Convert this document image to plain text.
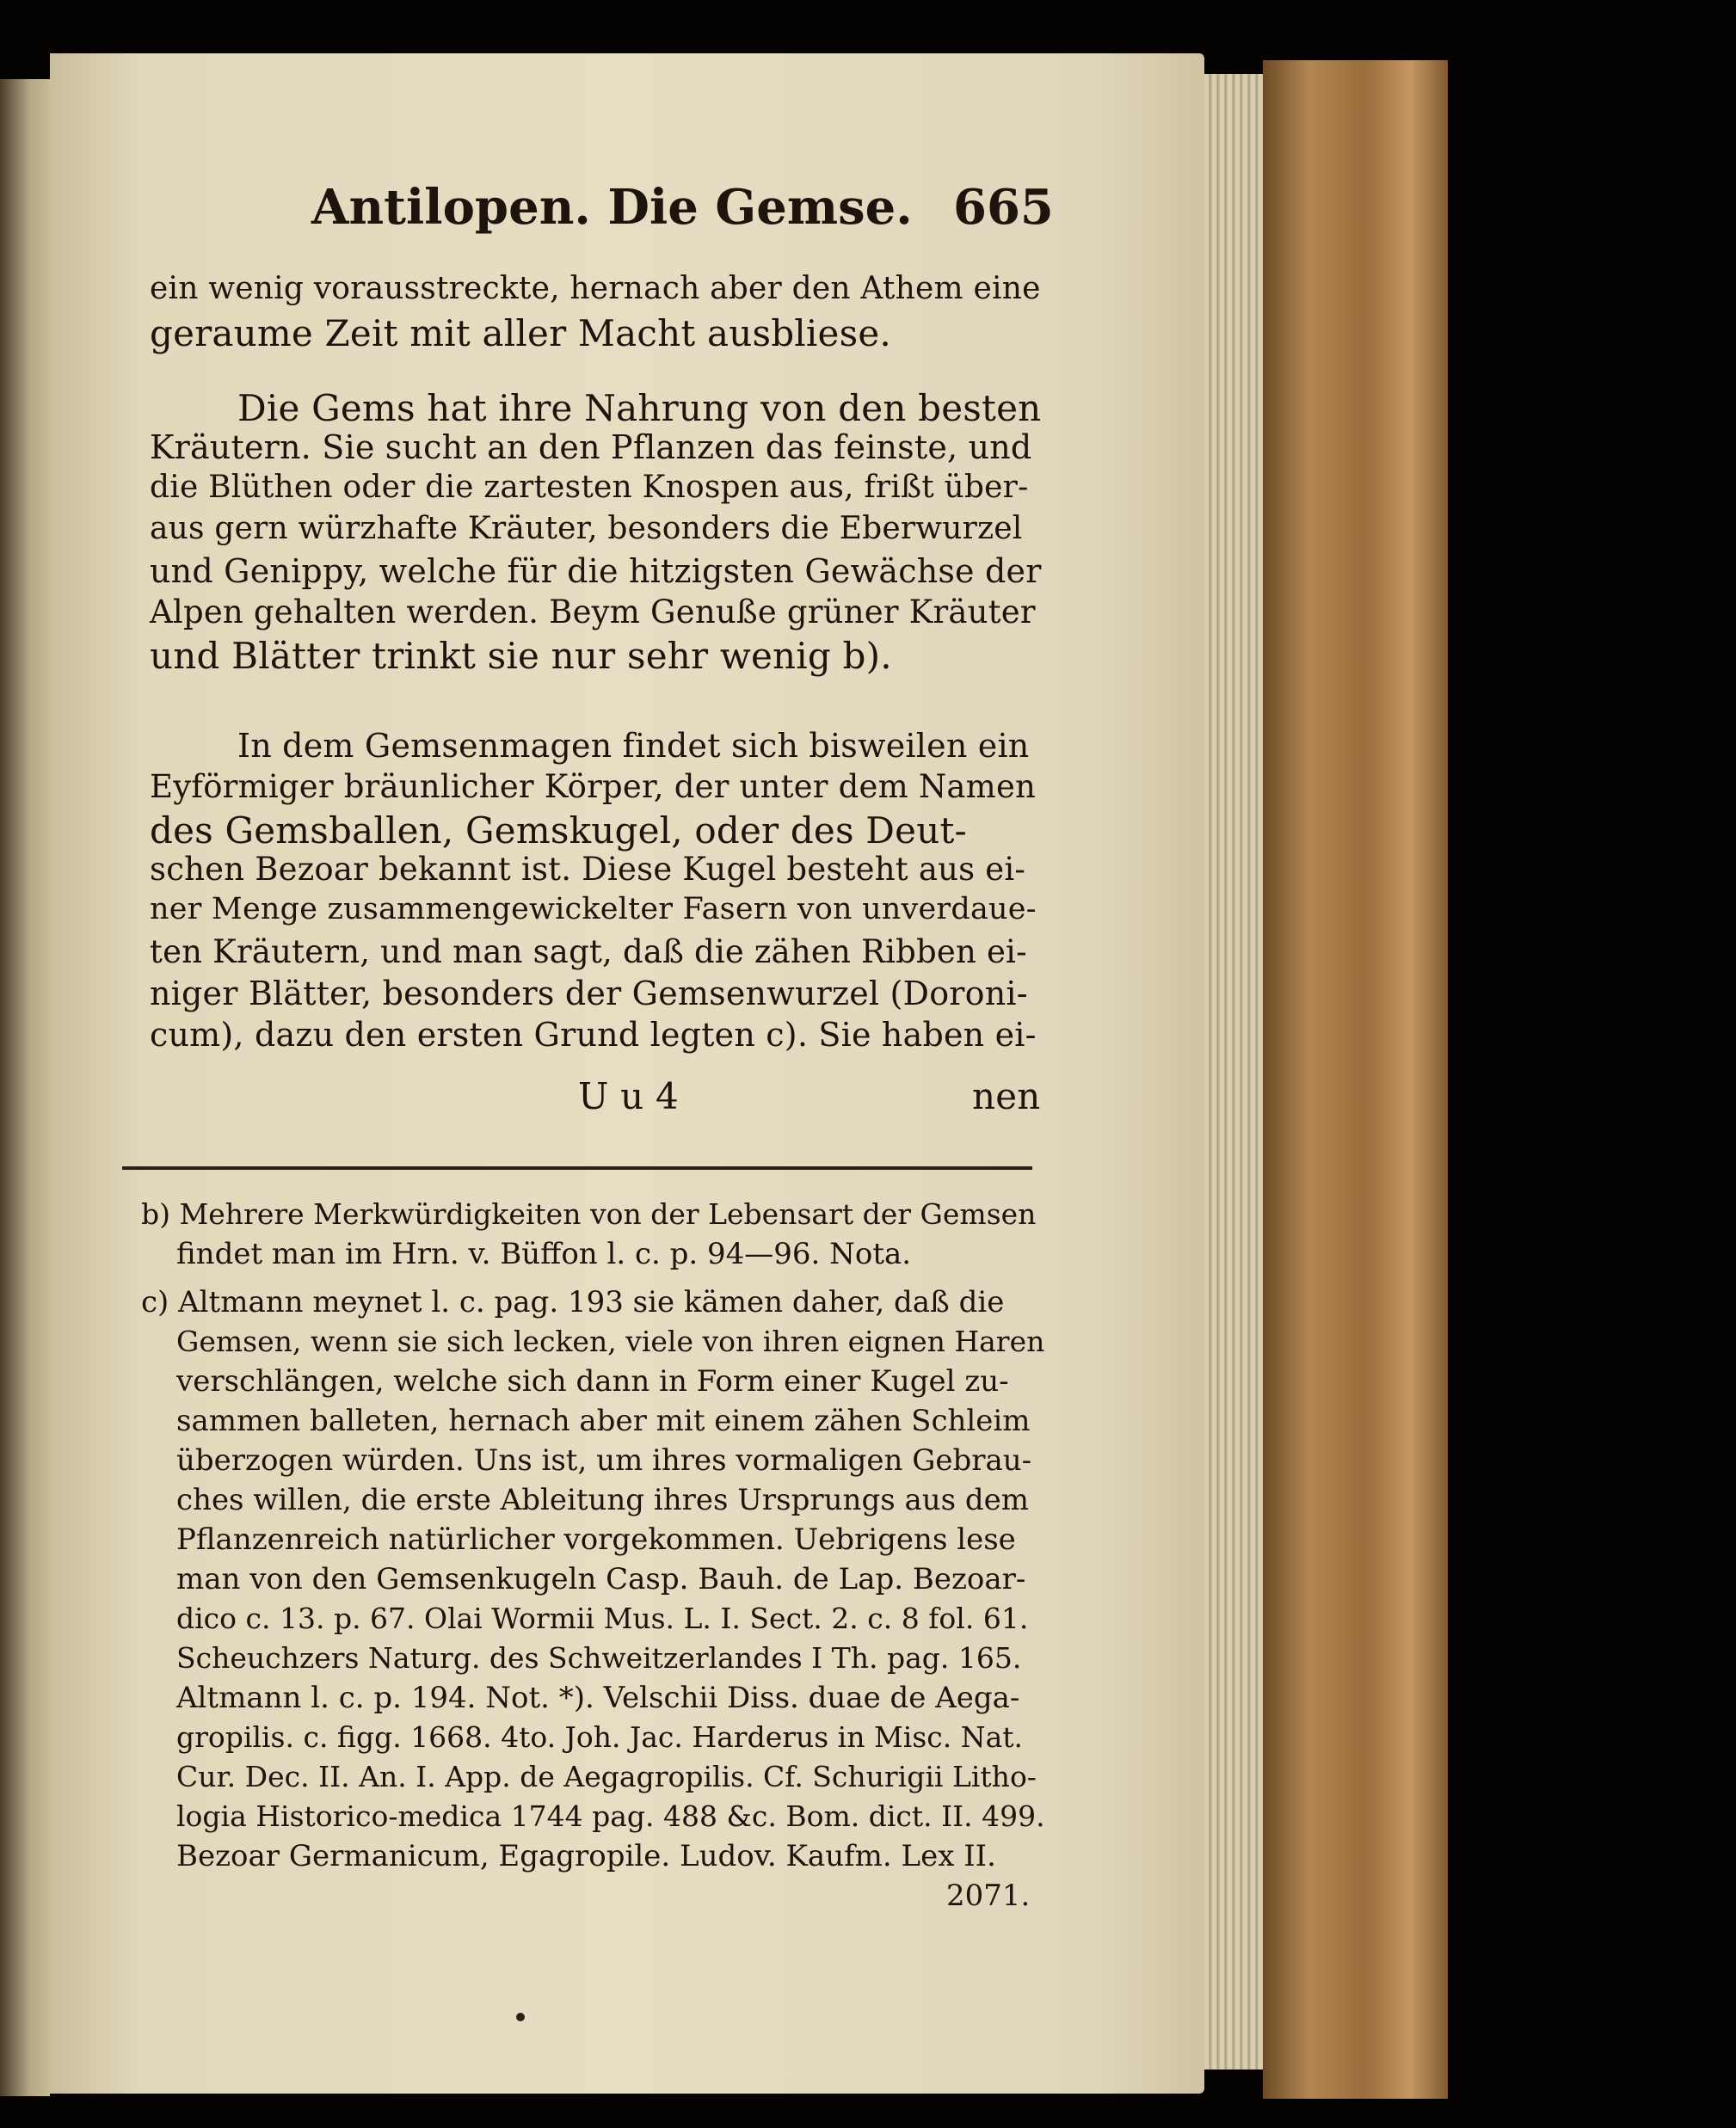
Antilopen. Die Gemse. 665
ein wenig vorausstreckte, hernach aber den Athem eine
geraume Zeit mit aller Macht ausbliese.
Die Gems hat ihre Nahrung von den besten
Kräutern. Sie sucht an den Pflanzen das feinste, und
die Blüthen oder die zartesten Knospen aus, frißt über-
aus gern würzhafte Kräuter, besonders die Eberwurzel
und Genippy, welche für die hitzigsten Gewächse der
Alpen gehalten werden. Beym Genuße grüner Kräuter
und Blätter trinkt sie nur sehr wenig b).
In dem Gemsenmagen findet sich bisweilen ein
Eyförmiger bräunlicher Körper, der unter dem Namen
des Gemsballen, Gemskugel, oder des Deut-
schen Bezoar bekannt ist. Diese Kugel besteht aus ei-
ner Menge zusammengewickelter Fasern von unverdaue-
ten Kräutern, und man sagt, daß die zähen Ribben ei-
niger Blätter, besonders der Gemsenwurzel (Doroni-
cum), dazu den ersten Grund legten c). Sie haben ei-
U u 4	nen
b) Mehrere Merkwürdigkeiten von der Lebensart der Gemsen
findet man im Hrn. v. Büffon l. c. p. 94—96. Nota.
c) Altmann meynet l. c. pag. 193 sie kämen daher, daß die
Gemsen, wenn sie sich lecken, viele von ihren eignen Haren
verschlängen, welche sich dann in Form einer Kugel zu-
sammen balleten, hernach aber mit einem zähen Schleim
überzogen würden. Uns ist, um ihres vormaligen Gebrau-
ches willen, die erste Ableitung ihres Ursprungs aus dem
Pflanzenreich natürlicher vorgekommen. Uebrigens lese
man von den Gemsenkugeln Casp. Bauh. de Lap. Bezoar-
dico c. 13. p. 67. Olai Wormii Mus. L. I. Sect. 2. c. 8 fol. 61.
Scheuchzers Naturg. des Schweitzerlandes I Th. pag. 165.
Altmann l. c. p. 194. Not. *). Velschii Diss. duae de Aega-
gropilis. c. figg. 1668. 4to. Joh. Jac. Harderus in Misc. Nat.
Cur. Dec. II. An. I. App. de Aegagropilis. Cf. Schurigii Litho-
logia Historico-medica 1744 pag. 488 &c. Bom. dict. II. 499.
Bezoar Germanicum, Egagropile. Ludov. Kaufm. Lex II.
2071.
